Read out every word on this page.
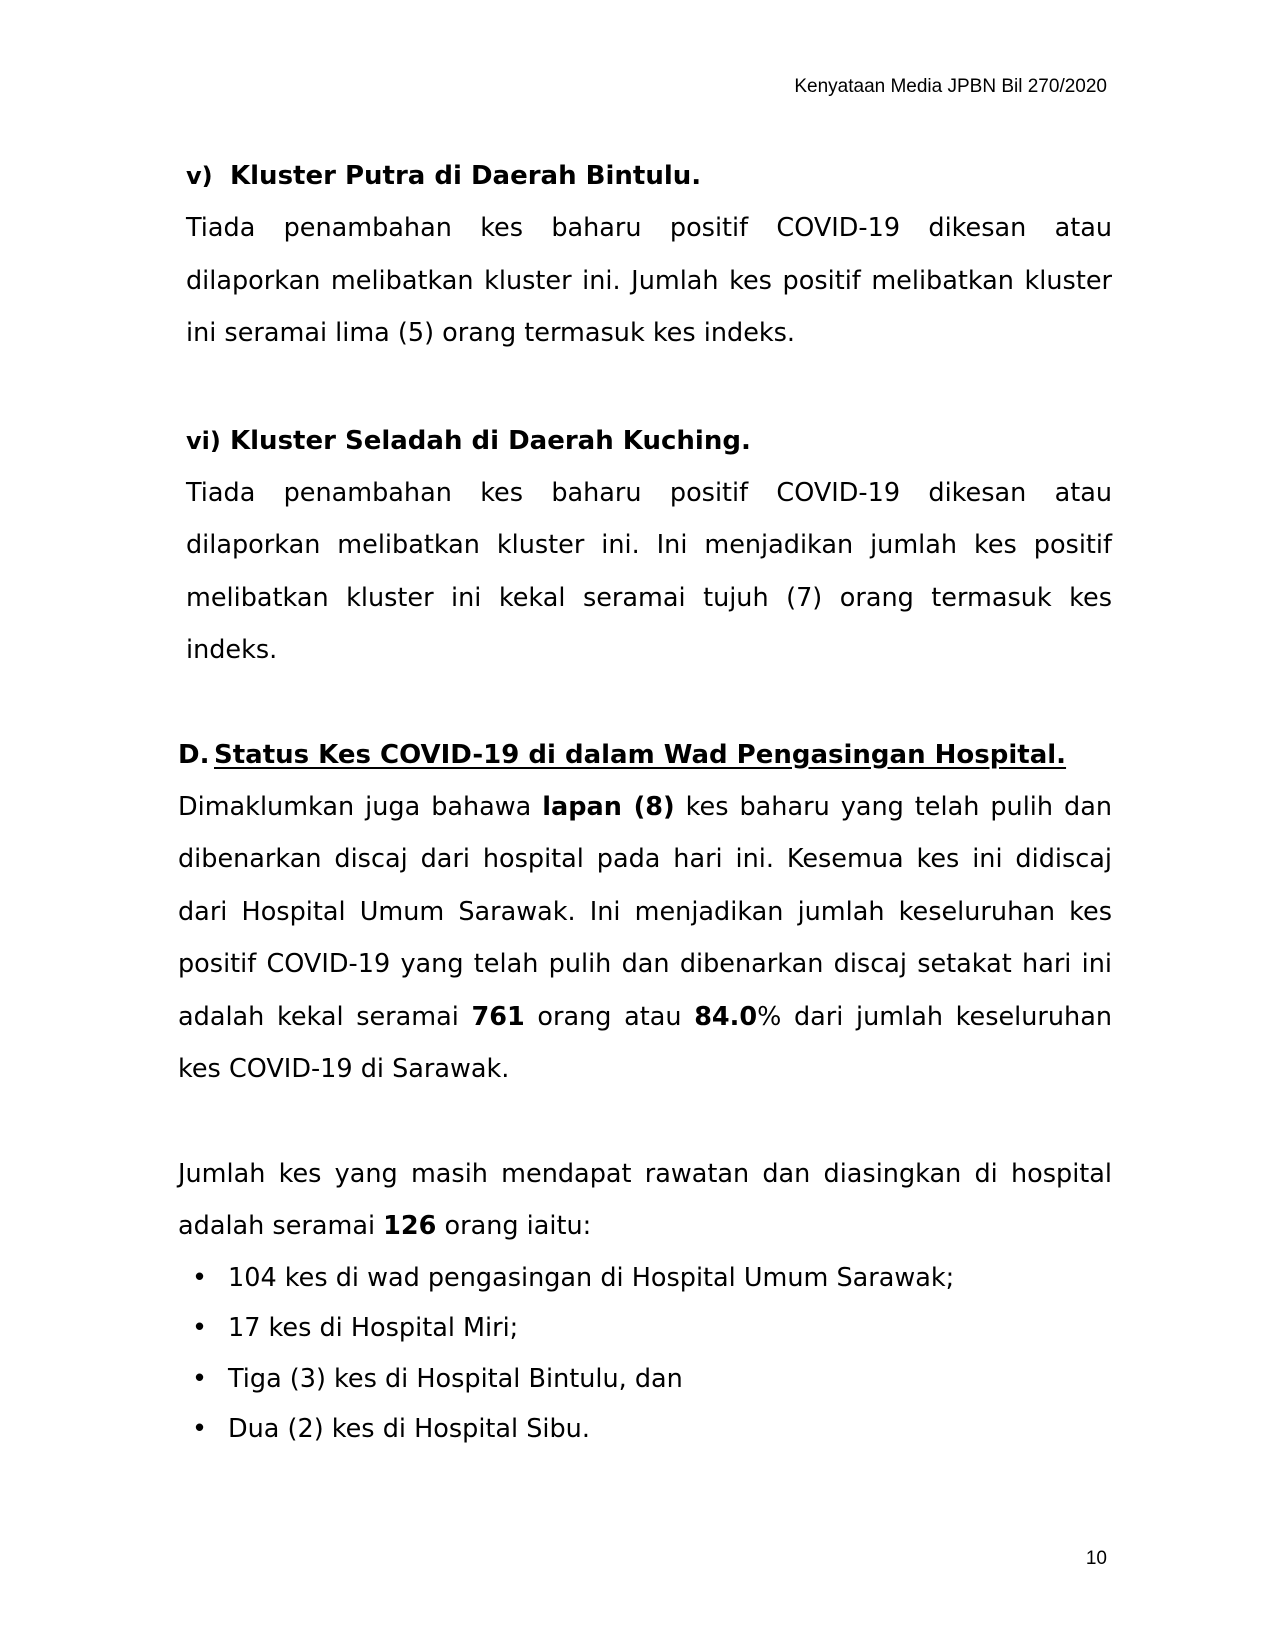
Kenyataan Media JPBN Bil 270/2020
v) Kluster Putra di Daerah Bintulu.

Tiada penambahan kes baharu positif COVID-19 dikesan atau dilaporkan melibatkan kluster ini. Jumlah kes positif melibatkan kluster ini seramai lima (5) orang termasuk kes indeks.

vi) Kluster Seladah di Daerah Kuching.

Tiada penambahan kes baharu positif COVID-19 dikesan atau dilaporkan melibatkan kluster ini. Ini menjadikan jumlah kes positif melibatkan kluster ini kekal seramai tujuh (7) orang termasuk kes indeks.

D. Status Kes COVID-19 di dalam Wad Pengasingan Hospital.

Dimaklumkan juga bahawa lapan (8) kes baharu yang telah pulih dan dibenarkan discaj dari hospital pada hari ini. Kesemua kes ini didiscaj dari Hospital Umum Sarawak. Ini menjadikan jumlah keseluruhan kes positif COVID-19 yang telah pulih dan dibenarkan discaj setakat hari ini adalah kekal seramai 761 orang atau 84.0% dari jumlah keseluruhan kes COVID-19 di Sarawak.

Jumlah kes yang masih mendapat rawatan dan diasingkan di hospital adalah seramai 126 orang iaitu:

• 104 kes di wad pengasingan di Hospital Umum Sarawak;
• 17 kes di Hospital Miri;
• Tiga (3) kes di Hospital Bintulu, dan
• Dua (2) kes di Hospital Sibu.
10
